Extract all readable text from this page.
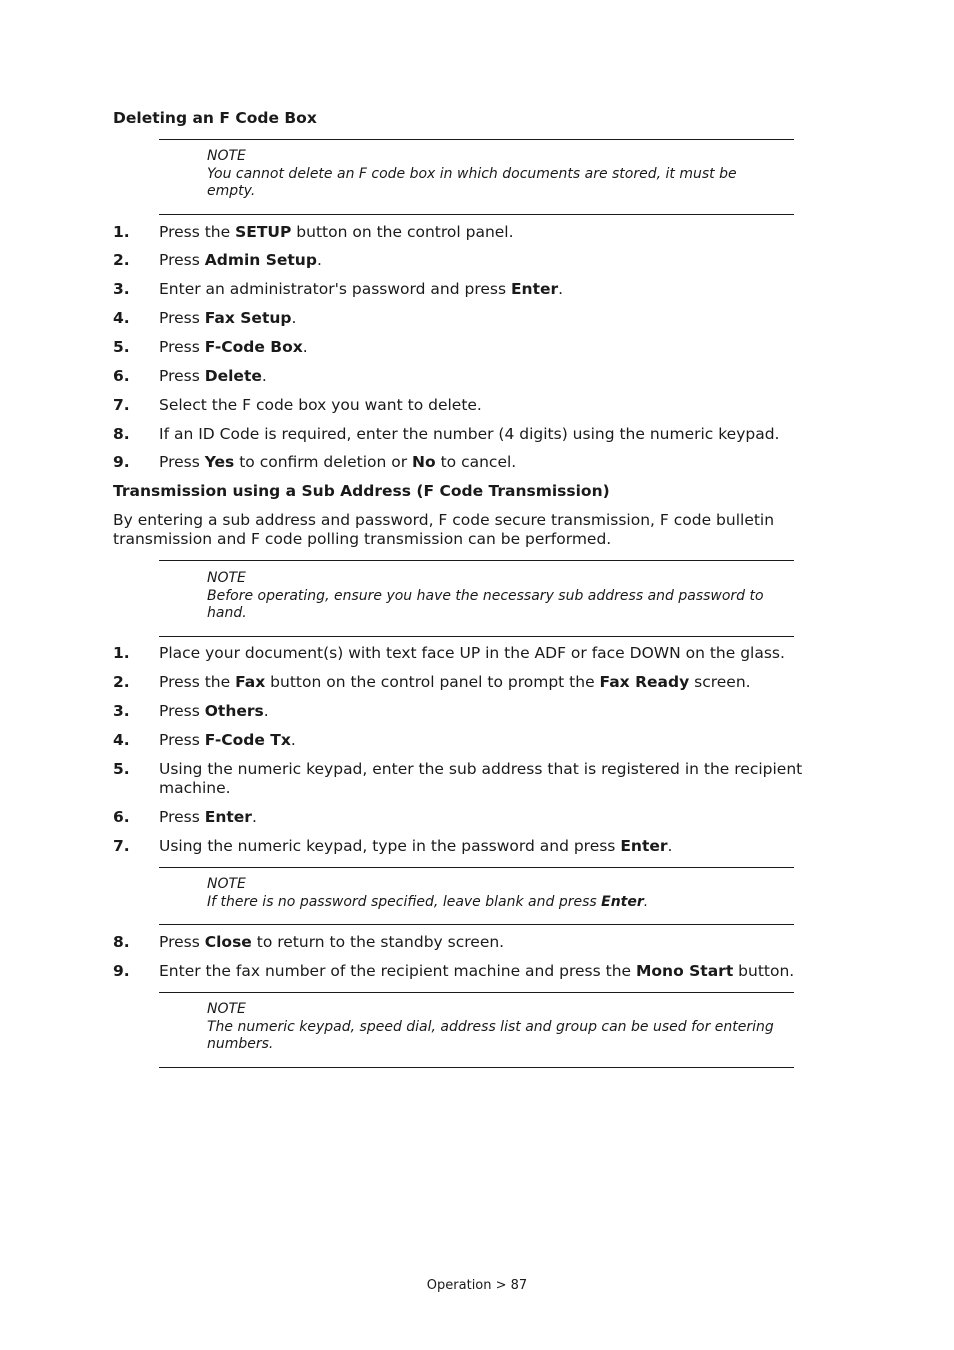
Deleting an F Code Box
NOTE
You cannot delete an F code box in which documents are stored, it must be empty.
1.	Press the SETUP button on the control panel.
2.	Press Admin Setup.
3.	Enter an administrator's password and press Enter.
4.	Press Fax Setup.
5.	Press F-Code Box.
6.	Press Delete.
7.	Select the F code box you want to delete.
8.	If an ID Code is required, enter the number (4 digits) using the numeric keypad.
9.	Press Yes to confirm deletion or No to cancel.
Transmission using a Sub Address (F Code Transmission)
By entering a sub address and password, F code secure transmission, F code bulletin transmission and F code polling transmission can be performed.
NOTE
Before operating, ensure you have the necessary sub address and password to hand.
1.	Place your document(s) with text face UP in the ADF or face DOWN on the glass.
2.	Press the Fax button on the control panel to prompt the Fax Ready screen.
3.	Press Others.
4.	Press F-Code Tx.
5.	Using the numeric keypad, enter the sub address that is registered in the recipient machine.
6.	Press Enter.
7.	Using the numeric keypad, type in the password and press Enter.
NOTE
If there is no password specified, leave blank and press Enter.
8.	Press Close to return to the standby screen.
9.	Enter the fax number of the recipient machine and press the Mono Start button.
NOTE
The numeric keypad, speed dial, address list and group can be used for entering numbers.
Operation > 87
